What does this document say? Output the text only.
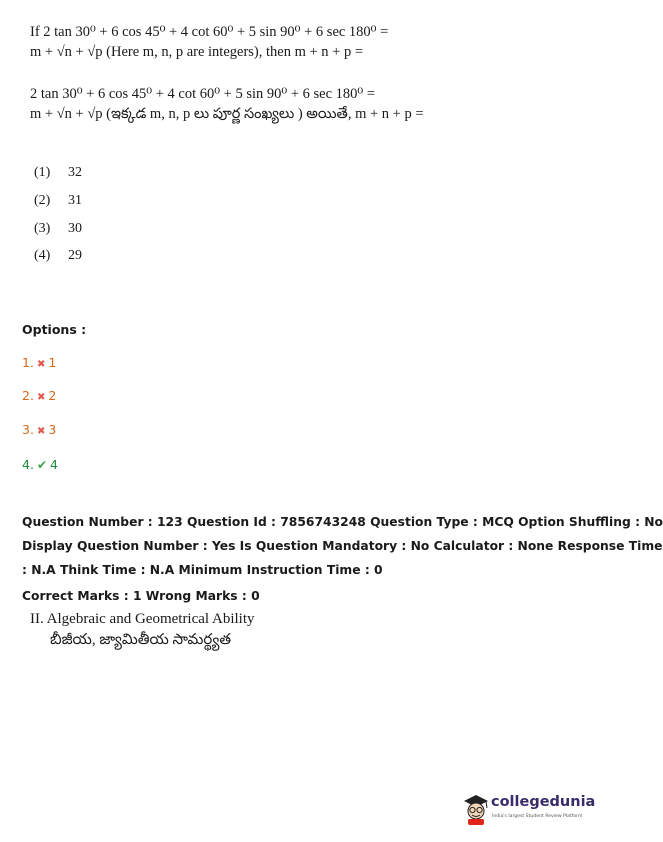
If 2 tan 30⁰ + 6 cos 45⁰ + 4 cot 60⁰ + 5 sin 90⁰ + 6 sec 180⁰ =
m + √n + √p (Here m, n, p are integers), then m + n + p =
2 tan 30⁰ + 6 cos 45⁰ + 4 cot 60⁰ + 5 sin 90⁰ + 6 sec 180⁰ =
m + √n + √p (ఇక్కడ m, n, p లు పూర్ణ సంఖ్యలు ) అయితే, m + n + p =
(1) 32
(2) 31
(3) 30
(4) 29
Options :
1. ✖ 1
2. ✖ 2
3. ✖ 3
4. ✔ 4
Question Number : 123 Question Id : 7856743248 Question Type : MCQ Option Shuffling : No
Display Question Number : Yes Is Question Mandatory : No Calculator : None Response Time
: N.A Think Time : N.A Minimum Instruction Time : 0
Correct Marks : 1 Wrong Marks : 0
II. Algebraic and Geometrical Ability
బీజీయ, జ్యామితీయ సామర్థ్యత
collegedunia
India's largest Student Review Platform
